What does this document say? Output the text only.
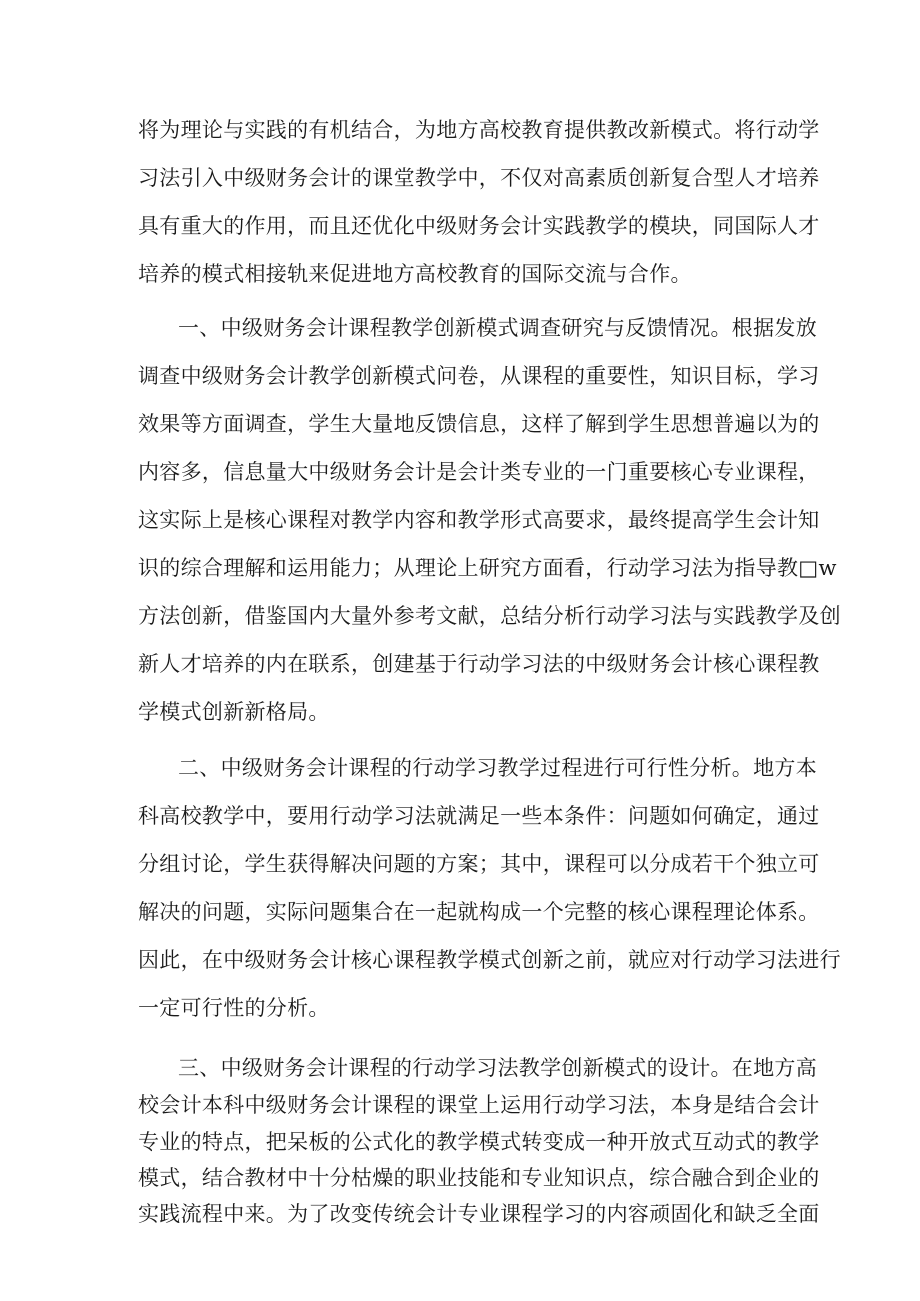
将为理论与实践的有机结合，为地方高校教育提供教改新模式。将行动学
习法引入中级财务会计的课堂教学中，不仅对高素质创新复合型人才培养
具有重大的作用，而且还优化中级财务会计实践教学的模块，同国际人才
培养的模式相接轨来促进地方高校教育的国际交流与合作。
一、中级财务会计课程教学创新模式调查研究与反馈情况。根据发放
调查中级财务会计教学创新模式问卷，从课程的重要性，知识目标，学习
效果等方面调查，学生大量地反馈信息，这样了解到学生思想普遍以为的
内容多，信息量大中级财务会计是会计类专业的一门重要核心专业课程，
这实际上是核心课程对教学内容和教学形式高要求，最终提高学生会计知
识的综合理解和运用能力；从理论上研究方面看，行动学习法为指导教□w
方法创新，借鉴国内大量外参考文献，总结分析行动学习法与实践教学及创
新人才培养的内在联系，创建基于行动学习法的中级财务会计核心课程教
学模式创新新格局。
二、中级财务会计课程的行动学习教学过程进行可行性分析。地方本
科高校教学中，要用行动学习法就满足一些本条件：问题如何确定，通过
分组讨论，学生获得解决问题的方案；其中，课程可以分成若干个独立可
解决的问题，实际问题集合在一起就构成一个完整的核心课程理论体系。
因此，在中级财务会计核心课程教学模式创新之前，就应对行动学习法进行
一定可行性的分析。
三、中级财务会计课程的行动学习法教学创新模式的设计。在地方高
校会计本科中级财务会计课程的课堂上运用行动学习法，本身是结合会计
专业的特点，把呆板的公式化的教学模式转变成一种开放式互动式的教学
模式，结合教材中十分枯燥的职业技能和专业知识点，综合融合到企业的
实践流程中来。为了改变传统会计专业课程学习的内容顽固化和缺乏全面
